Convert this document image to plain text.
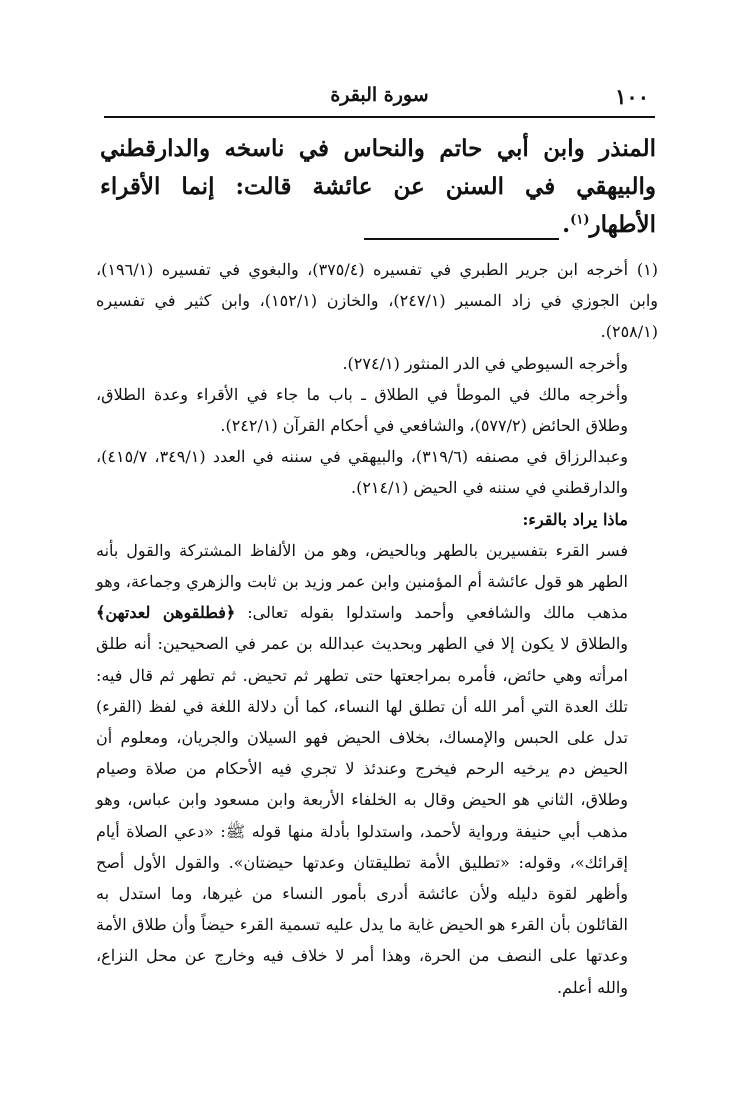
١٠٠
سورة البقرة

المنذر وابن أبي حاتم والنحاس في ناسخه والدارقطني والبيهقي في السنن عن عائشة قالت: إنما الأقراء الأطهار$^{(١)}$.

(١)أخرجه ابن جرير الطبري في تفسيره (٣٧٥/٤)، والبغوي في تفسيره (١٩٦/١)، وابن الجوزي في زاد المسير (٢٤٧/١)، والخازن (١٥٢/١)، وابن كثير في تفسيره (٢٥٨/١).

وأخرجه السيوطي في الدر المنثور (٢٧٤/١).

وأخرجه مالك في الموطأ في الطلاق ـ باب ما جاء في الأقراء وعدة الطلاق، وطلاق الحائض (٥٧٧/٢)، والشافعي في أحكام القرآن (٢٤٢/١).

وعبدالرزاق في مصنفه (٣١٩/٦)، والبيهقي في سننه في العدد (٣٤٩/١، ٤١٥/٧)، والدارقطني في سننه في الحيض (٢١٤/١).

ماذا يراد بالقرء:

فسر القرء بتفسيرين بالطهر وبالحيض، وهو من الألفاظ المشتركة والقول بأنه الطهر هو قول عائشة أم المؤمنين وابن عمر وزيد بن ثابت والزهري وجماعة، وهو مذهب مالك والشافعي وأحمد واستدلوا بقوله تعالى: ﴿فطلقوهن لعدتهن﴾ والطلاق لا يكون إلا في الطهر وبحديث عبدالله بن عمر في الصحيحين: أنه طلق امرأته وهي حائض، فأمره بمراجعتها حتى تطهر ثم تحيض. ثم تطهر ثم قال فيه: تلك العدة التي أمر الله أن تطلق لها النساء، كما أن دلالة اللغة في لفظ (القرء) تدل على الحبس والإمساك، بخلاف الحيض فهو السيلان والجريان، ومعلوم أن الحيض دم يرخيه الرحم فيخرج وعندئذ لا تجري فيه الأحكام من صلاة وصيام وطلاق، الثاني هو الحيض وقال به الخلفاء الأربعة وابن مسعود وابن عباس، وهو مذهب أبي حنيفة ورواية لأحمد، واستدلوا بأدلة منها قوله ﷺ: «دعي الصلاة أيام إقرائك»، وقوله: «تطليق الأمة تطليقتان وعدتها حيضتان». والقول الأول أصح وأظهر لقوة دليله ولأن عائشة أدرى بأمور النساء من غيرها، وما استدل به القائلون بأن القرء هو الحيض غاية ما يدل عليه تسمية القرء حيضاً وأن طلاق الأمة وعدتها على النصف من الحرة، وهذا أمر لا خلاف فيه وخارج عن محل النزاع، والله أعلم.
